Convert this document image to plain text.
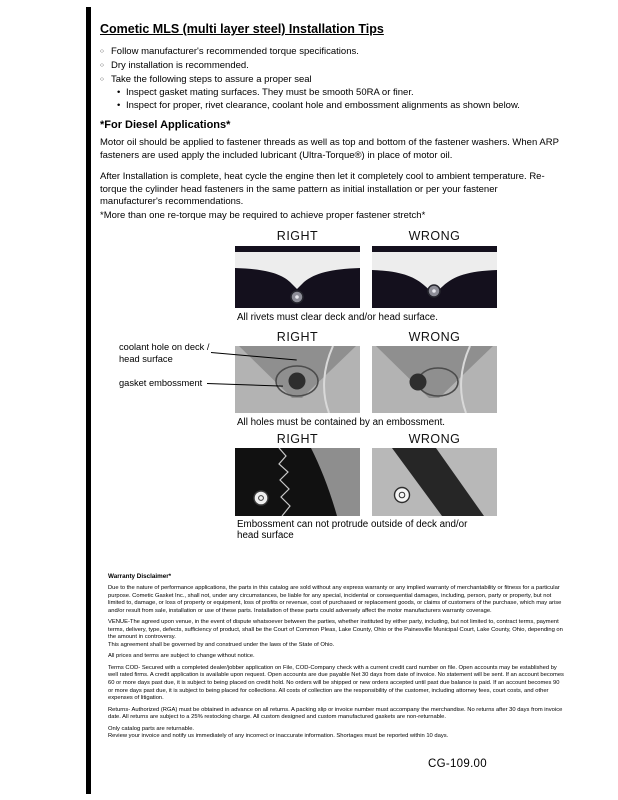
Cometic MLS (multi layer steel) Installation Tips
○ Follow manufacturer's recommended torque specifications.
○ Dry installation is recommended.
○ Take the following steps to assure a proper seal
• Inspect gasket mating surfaces. They must be smooth 50RA or finer.
• Inspect for proper, rivet clearance, coolant hole and embossment alignments as shown below.
*For Diesel Applications*
Motor oil should be applied to fastener threads as well as top and bottom of the fastener washers. When ARP fasteners are used apply the included lubricant (Ultra-Torque®) in place of motor oil.
After Installation is complete, heat cycle the engine then let it completely cool to ambient temperature. Re-torque the cylinder head fasteners in the same pattern as initial installation or per your fastener manufacturer's recommendations.
*More than one re-torque may be required to achieve proper fastener stretch*
RIGHT	WRONG
All rivets must clear deck and/or head surface.
RIGHT	WRONG
coolant hole on deck / head surface
gasket embossment
All holes must be contained by an embossment.
RIGHT	WRONG
Embossment can not protrude outside of deck and/or head surface
Warranty Disclaimer*

Due to the nature of performance applications, the parts in this catalog are sold without any express warranty or any implied warranty of merchantability or fitness for a particular purpose. Cometic Gasket Inc., shall not, under any circumstances, be liable for any special, incidental or consequential damages, including, person, party or property, but not limited to, damage, or loss of property or equipment, loss of profits or revenue, cost of purchased or replacement goods, or claims of customers of the purchase, which may arise and/or result from sale, installation or use of these parts. Installation of these parts could adversely affect the motor manufacturers warranty coverage.

VENUE-The agreed upon venue, in the event of dispute whatsoever between the parties, whether instituted by either party, including, but not limited to, contract terms, payment terms, delivery, type, defects, sufficiency of product, shall be the Court of Common Pleas, Lake County, Ohio or the Painesville Municipal Court, Lake County, Ohio, depending on the amount in controversy.

This agreement shall be governed by and construed under the laws of the State of Ohio.

All prices and terms are subject to change without notice.

Terms COD- Secured with a completed dealer/jobber application on File, COD-Company check with a current credit card number on file. Open accounts may be established by well rated firms. A credit application is available upon request. Open accounts are due payable Net 30 days from date of invoice. No statement will be sent. If an account becomes 60 or more days past due, it is subject to being placed on credit hold. No orders will be shipped or new orders accepted until past due balance is paid. If an account becomes 90 or more days past due, it is subject to being placed for collections. All costs of collection are the responsibility of the customer, including attorney fees, court costs, and other expenses of litigation.

Returns- Authorized (RGA) must be obtained in advance on all returns. A packing slip or invoice number must accompany the merchandise. No returns after 30 days from invoice date. All returns are subject to a 25% restocking charge. All custom designed and custom manufactured gaskets are non-returnable.

Only catalog parts are returnable.

Review your invoice and notify us immediately of any incorrect or inaccurate information. Shortages must be reported within 10 days.

CG-109.00
